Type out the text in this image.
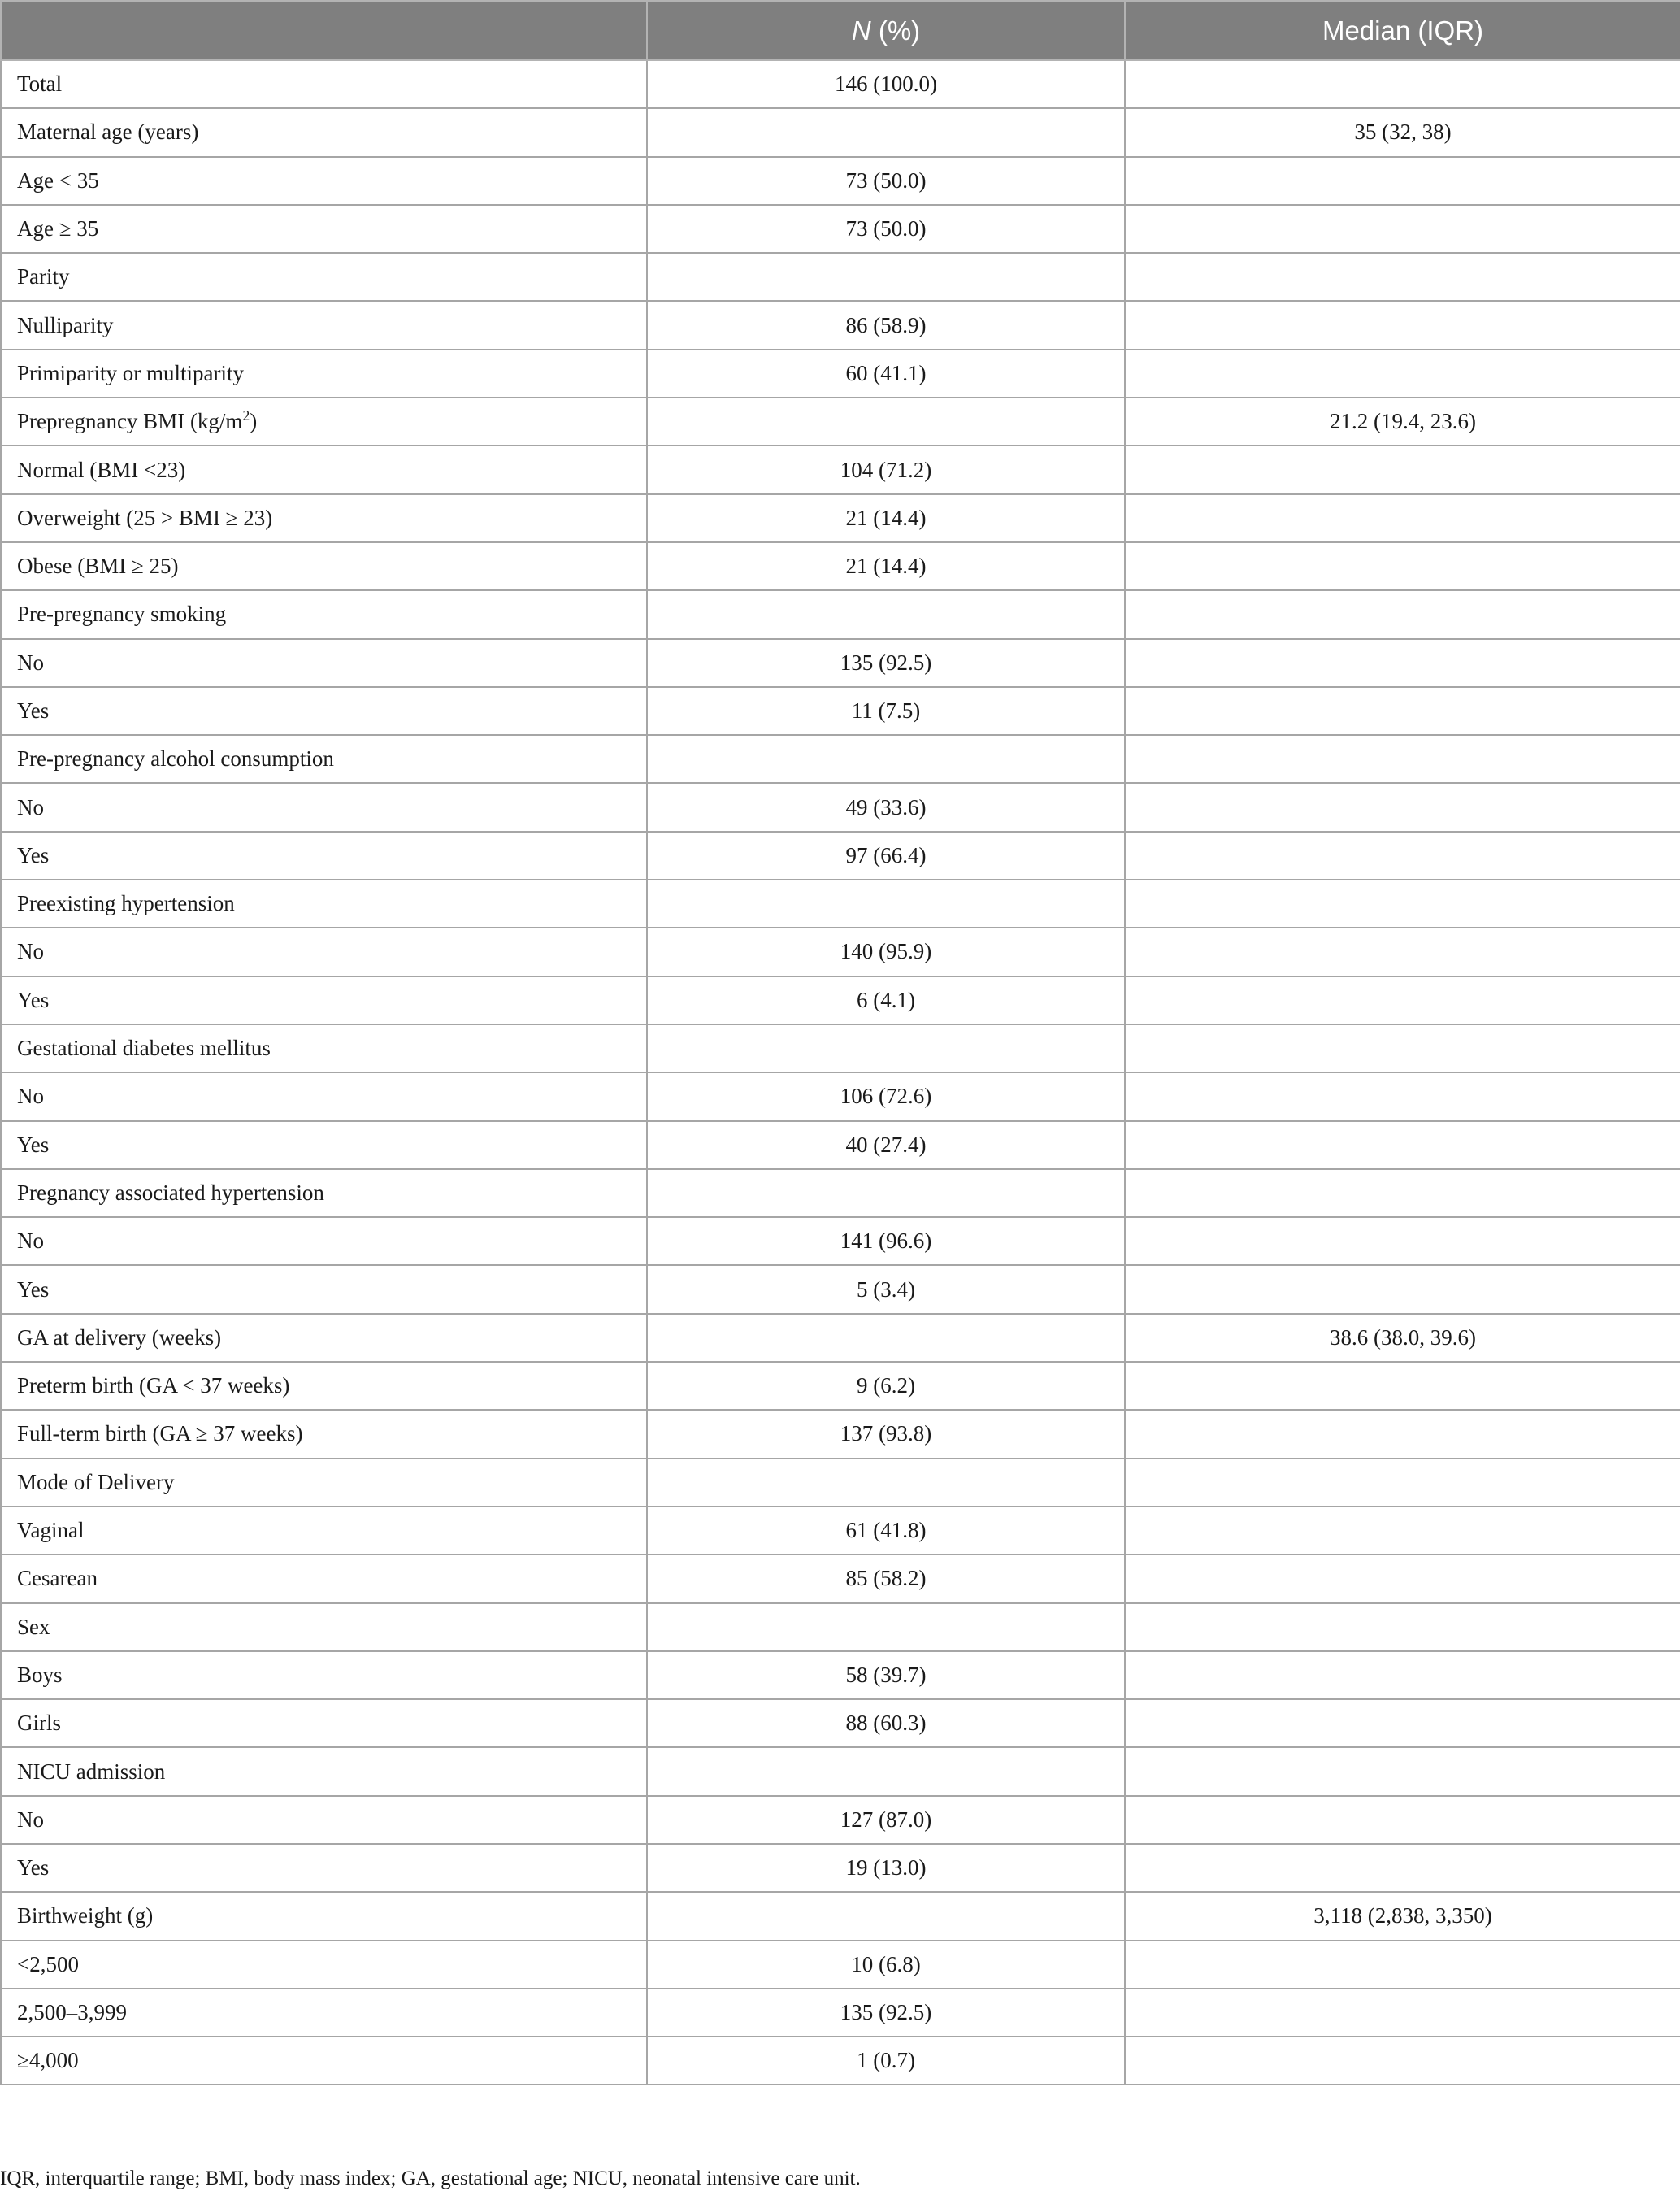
	N (%)	Median (IQR)
Total	146 (100.0)	
Maternal age (years)		35 (32, 38)
Age < 35	73 (50.0)	
Age ≥ 35	73 (50.0)	
Parity		
Nulliparity	86 (58.9)	
Primiparity or multiparity	60 (41.1)	
Prepregnancy BMI $(kg/m^2)$		21.2 (19.4, 23.6)
Normal (BMI <23)	104 (71.2)	
Overweight (25 > BMI ≥ 23)	21 (14.4)	
Obese (BMI ≥ 25)	21 (14.4)	
Pre-pregnancy smoking		
No	135 (92.5)	
Yes	11 (7.5)	
Pre-pregnancy alcohol consumption		
No	49 (33.6)	
Yes	97 (66.4)	
Preexisting hypertension		
No	140 (95.9)	
Yes	6 (4.1)	
Gestational diabetes mellitus		
No	106 (72.6)	
Yes	40 (27.4)	
Pregnancy associated hypertension		
No	141 (96.6)	
Yes	5 (3.4)	
GA at delivery (weeks)		38.6 (38.0, 39.6)
Preterm birth (GA < 37 weeks)	9 (6.2)	
Full-term birth (GA ≥ 37 weeks)	137 (93.8)	
Mode of Delivery		
Vaginal	61 (41.8)	
Cesarean	85 (58.2)	
Sex		
Boys	58 (39.7)	
Girls	88 (60.3)	
NICU admission		
No	127 (87.0)	
Yes	19 (13.0)	
Birthweight (g)		3,118 (2,838, 3,350)
<2,500	10 (6.8)	
2,500–3,999	135 (92.5)	
≥4,000	1 (0.7)	
IQR, interquartile range; BMI, body mass index; GA, gestational age; NICU, neonatal intensive care unit.
